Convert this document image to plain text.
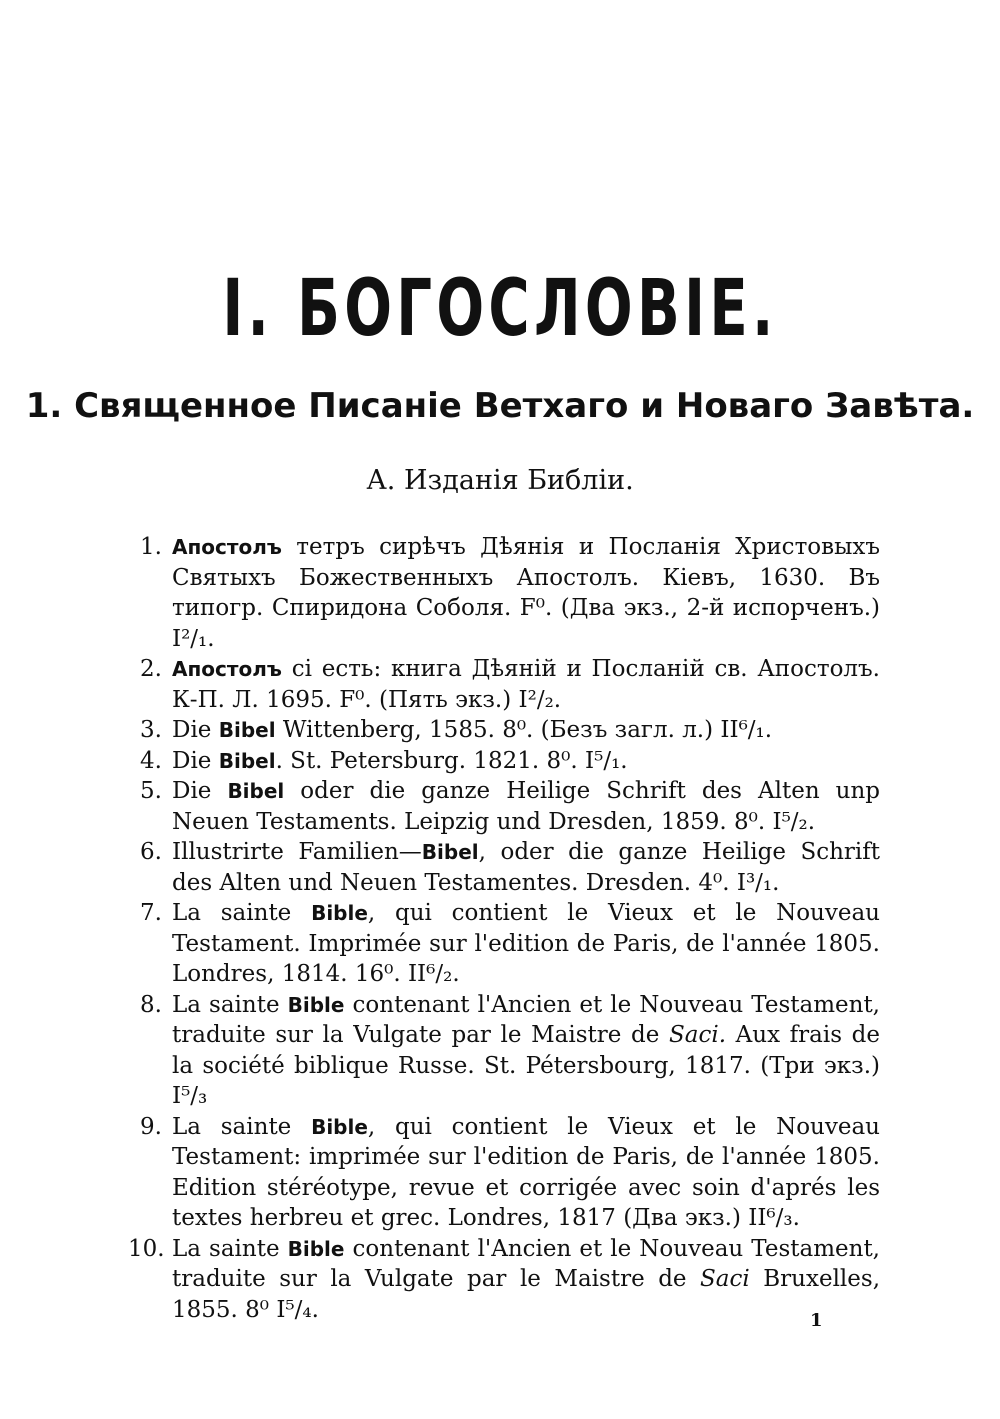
I. БОГОСЛОВІЕ.
1. Священное Писаніе Ветхаго и Новаго Завѣта.
А. Изданія Библіи.
1. Апостолъ тетръ сирѣчъ Дѣянія и Посланія Христовыхъ Святыхъ Божественныхъ Апостолъ. Кіевъ, 1630. Въ типогр. Спиридона Соболя. F⁰. (Два экз., 2-й испорченъ.) I²/₁.
2. Апостолъ сі есть: книга Дѣяній и Посланій св. Апостолъ. К-П. Л. 1695. F⁰. (Пять экз.) I²/₂.
3. Die Bibel Wittenberg, 1585. 8⁰. (Безъ загл. л.) II⁶/₁.
4. Die Bibel. St. Petersburg. 1821. 8⁰. I⁵/₁.
5. Die Bibel oder die ganze Heilige Schrift des Alten unp Neuen Testaments. Leipzig und Dresden, 1859. 8⁰. I⁵/₂.
6. Illustrirte Familien—Bibel, oder die ganze Heilige Schrift des Alten und Neuen Testamentes. Dresden. 4⁰. I³/₁.
7. La sainte Bible, qui contient le Vieux et le Nouveau Testament. Imprimée sur l'edition de Paris, de l'année 1805. Londres, 1814. 16⁰. II⁶/₂.
8. La sainte Bible contenant l'Ancien et le Nouveau Testament, traduite sur la Vulgate par le Maistre de Saci. Aux frais de la société biblique Russe. St. Pétersbourg, 1817. (Три экз.) I⁵/₃
9. La sainte Bible, qui contient le Vieux et le Nouveau Testament: imprimée sur l'edition de Paris, de l'année 1805. Edition stéréotype, revue et corrigée avec soin d'aprés les textes herbreu et grec. Londres, 1817 (Два экз.) II⁶/₃.
10. La sainte Bible contenant l'Ancien et le Nouveau Testament, traduite sur la Vulgate par le Maistre de Saci Bruxelles, 1855. 8⁰ I⁵/₄.	1
